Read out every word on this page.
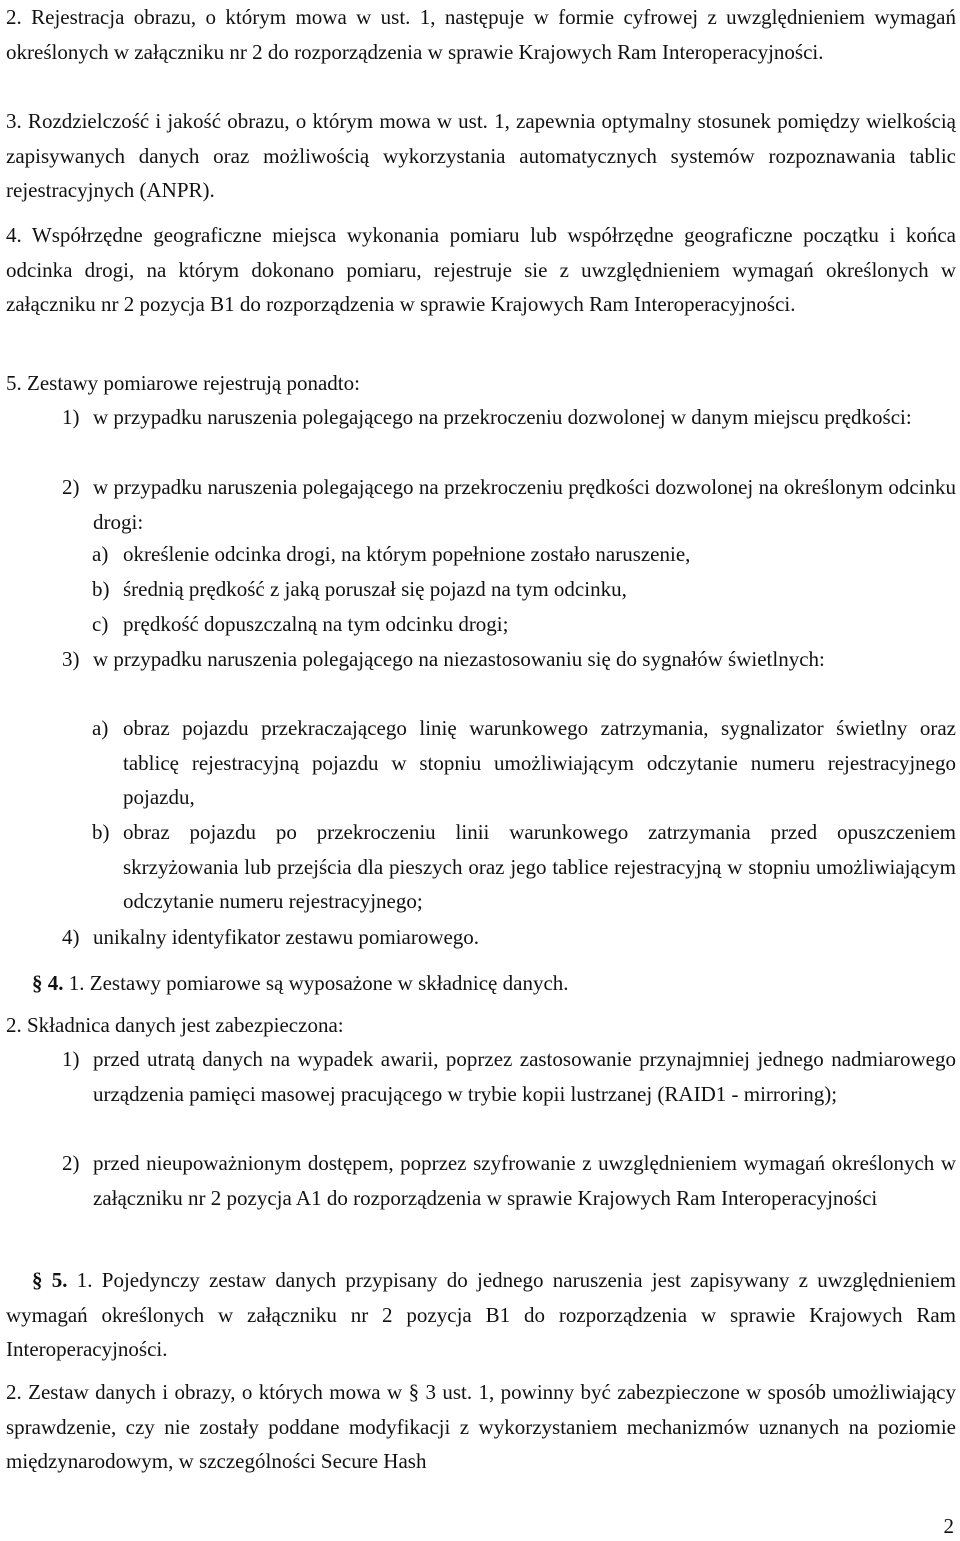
2. Rejestracja obrazu, o którym mowa w ust. 1, następuje w formie cyfrowej z uwzględnieniem wymagań określonych w załączniku nr 2 do rozporządzenia w sprawie Krajowych Ram Interoperacyjności.

3. Rozdzielczość i jakość obrazu, o którym mowa w ust. 1, zapewnia optymalny stosunek pomiędzy wielkością zapisywanych danych oraz możliwością wykorzystania automatycznych systemów rozpoznawania tablic rejestracyjnych (ANPR).

4. Współrzędne geograficzne miejsca wykonania pomiaru lub współrzędne geograficzne początku i końca odcinka drogi, na którym dokonano pomiaru, rejestruje sie z uwzględnieniem wymagań określonych w załączniku nr 2 pozycja B1 do rozporządzenia w sprawie Krajowych Ram Interoperacyjności.

5. Zestawy pomiarowe rejestrują ponadto:

1) w przypadku naruszenia polegającego na przekroczeniu dozwolonej w danym miejscu prędkości:
2) w przypadku naruszenia polegającego na przekroczeniu prędkości dozwolonej na określonym odcinku drogi:
a) określenie odcinka drogi, na którym popełnione zostało naruszenie,
b) średnią prędkość z jaką poruszał się pojazd na tym odcinku,
c) prędkość dopuszczalną na tym odcinku drogi;
3) w przypadku naruszenia polegającego na niezastosowaniu się do sygnałów świetlnych:
a) obraz pojazdu przekraczającego linię warunkowego zatrzymania, sygnalizator świetlny oraz tablicę rejestracyjną pojazdu w stopniu umożliwiającym odczytanie numeru rejestracyjnego pojazdu,
b) obraz pojazdu po przekroczeniu linii warunkowego zatrzymania przed opuszczeniem skrzyżowania lub przejścia dla pieszych oraz jego tablice rejestracyjną w stopniu umożliwiającym odczytanie numeru rejestracyjnego;
4) unikalny identyfikator zestawu pomiarowego.

§ 4. 1. Zestawy pomiarowe są wyposażone w składnicę danych.

2. Składnica danych jest zabezpieczona:

1) przed utratą danych na wypadek awarii, poprzez zastosowanie przynajmniej jednego nadmiarowego urządzenia pamięci masowej pracującego w trybie kopii lustrzanej (RAID1 - mirroring);
2) przed nieupoważnionym dostępem, poprzez szyfrowanie z uwzględnieniem wymagań określonych w załączniku nr 2 pozycja A1 do rozporządzenia w sprawie Krajowych Ram Interoperacyjności

§ 5. 1. Pojedynczy zestaw danych przypisany do jednego naruszenia jest zapisywany z uwzględnieniem wymagań określonych w załączniku nr 2 pozycja B1 do rozporządzenia w sprawie Krajowych Ram Interoperacyjności.

2. Zestaw danych i obrazy, o których mowa w § 3 ust. 1, powinny być zabezpieczone w sposób umożliwiający sprawdzenie, czy nie zostały poddane modyfikacji z wykorzystaniem mechanizmów uznanych na poziomie międzynarodowym, w szczególności Secure Hash

2
